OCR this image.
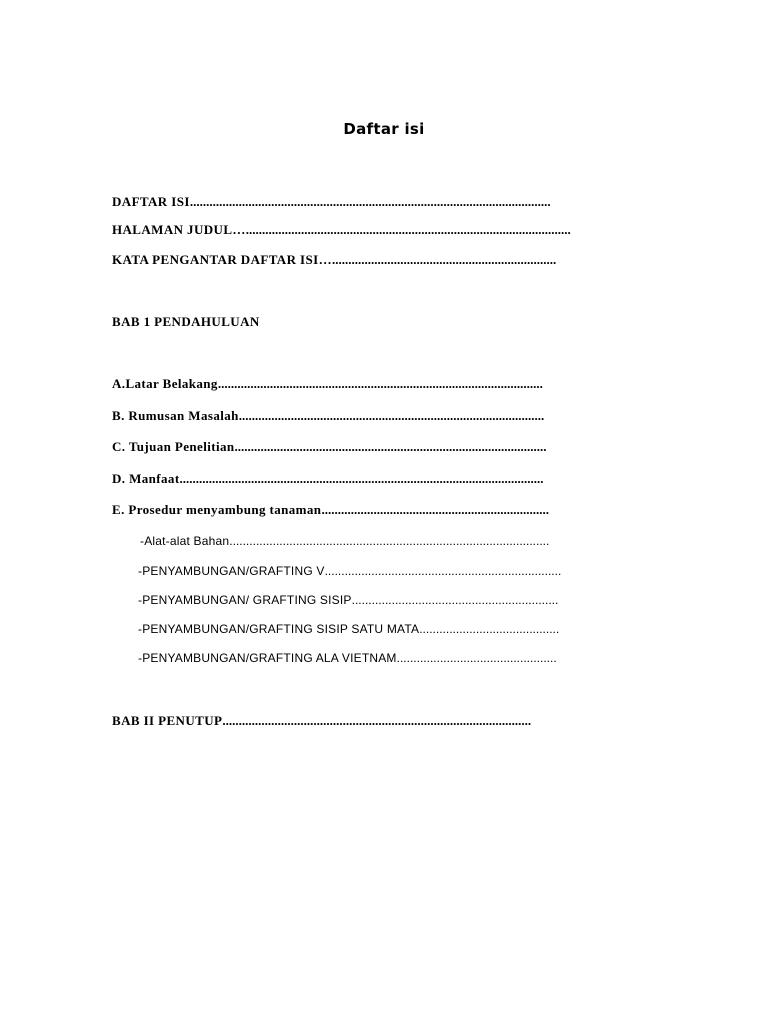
Daftar isi
DAFTAR ISI...............................................................................................................
HALAMAN JUDUL…....................................................................................................
KATA PENGANTAR DAFTAR ISI….....................................................................
BAB 1 PENDAHULUAN
A.Latar Belakang....................................................................................................
B. Rumusan Masalah..............................................................................................
C. Tujuan Penelitian................................................................................................
D. Manfaat................................................................................................................
E. Prosedur menyambung tanaman......................................................................
-Alat-alat Bahan................................................................................................
-PENYAMBUNGAN/GRAFTING V.......................................................................
-PENYAMBUNGAN/ GRAFTING SISIP..............................................................
-PENYAMBUNGAN/GRAFTING SISIP SATU MATA..........................................
-PENYAMBUNGAN/GRAFTING ALA VIETNAM................................................
BAB II PENUTUP...............................................................................................
